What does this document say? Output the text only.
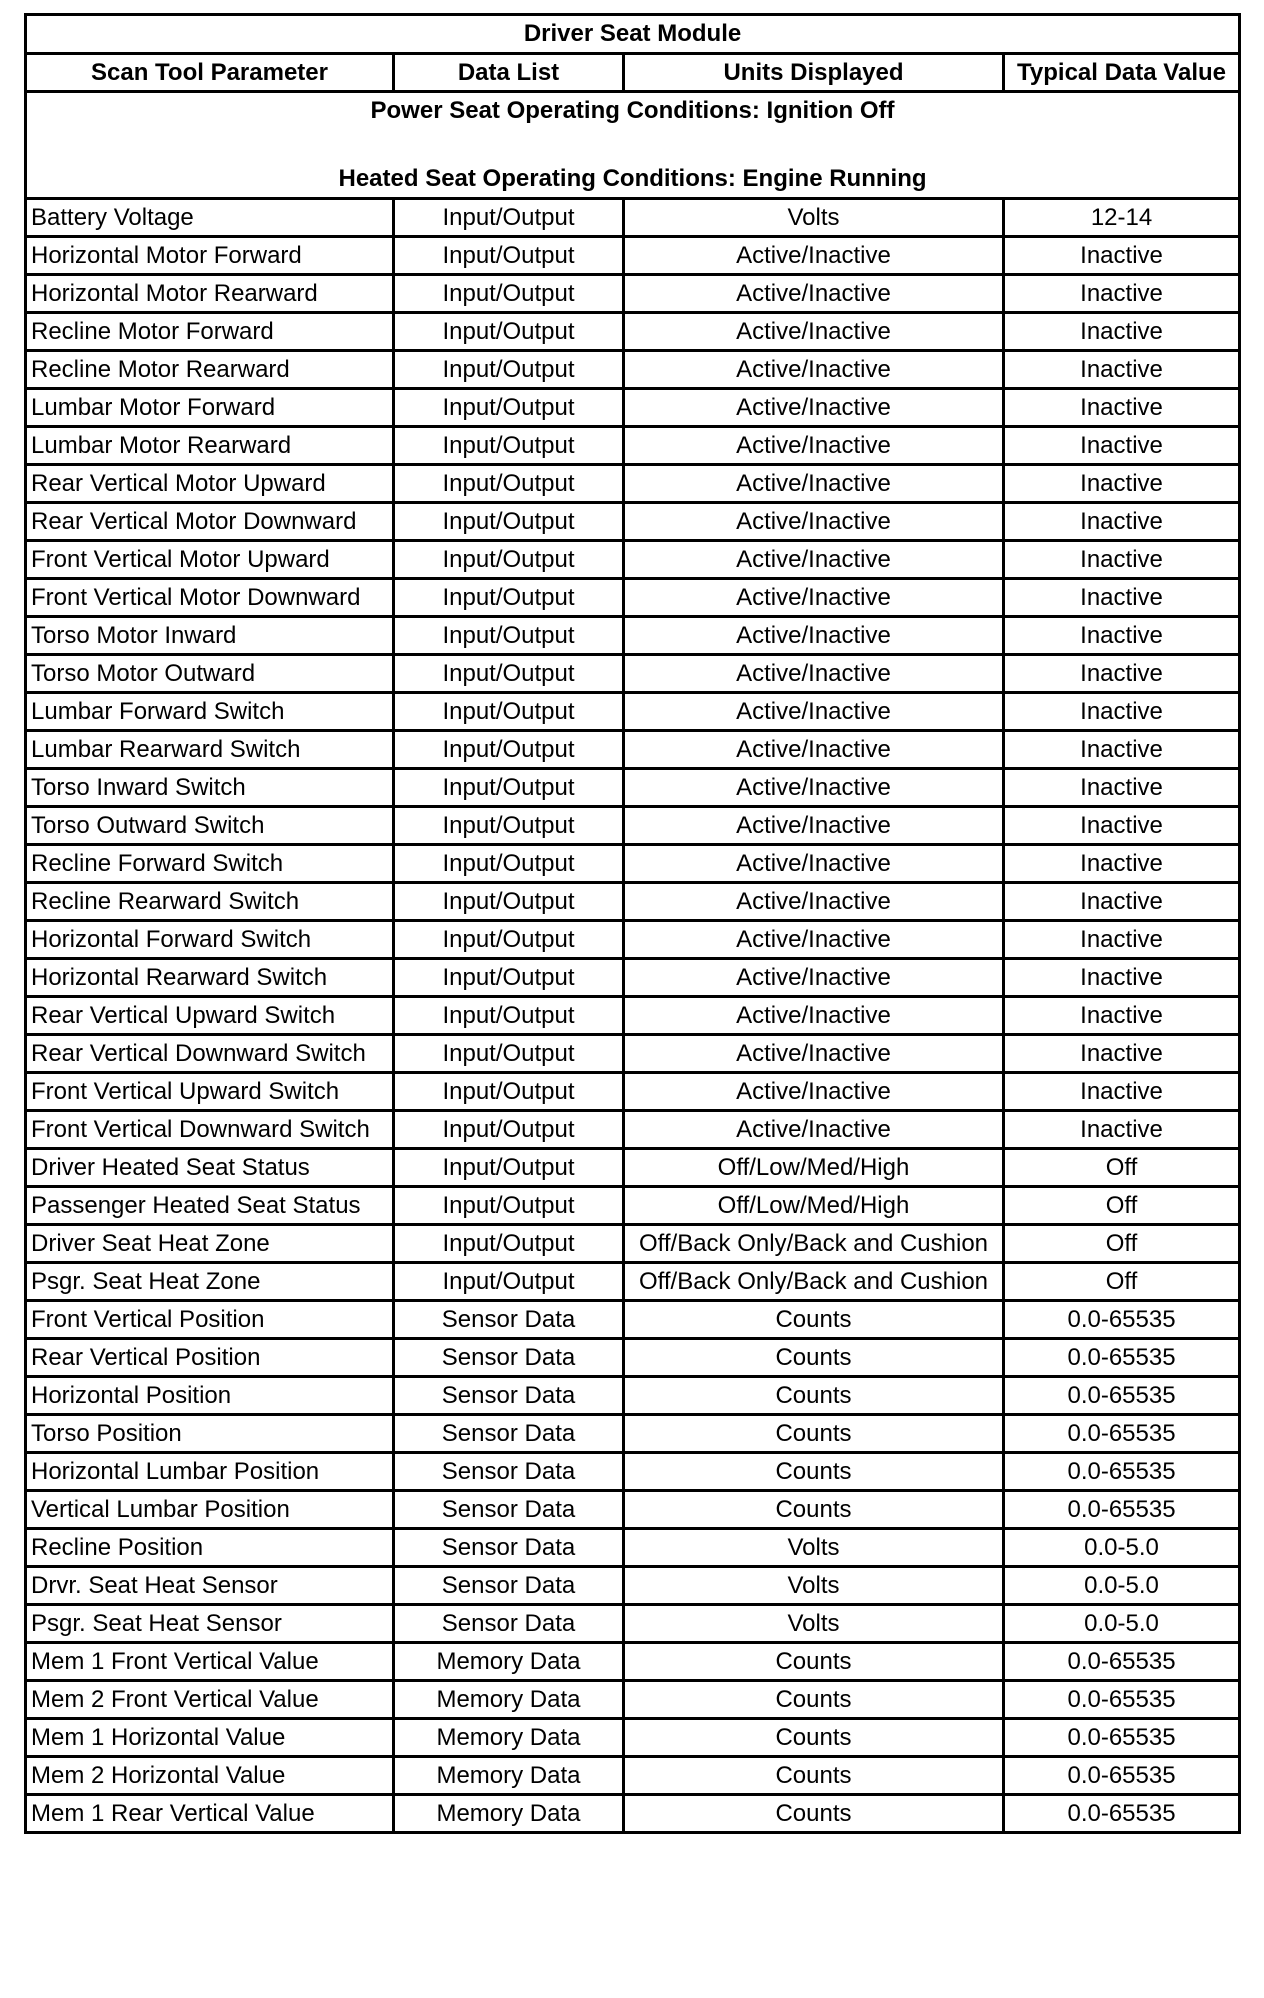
Driver Seat Module			
Scan Tool Parameter	Data List	Units Displayed	Typical Data Value

Power Seat Operating Conditions: Ignition Off
Heated Seat Operating Conditions: Engine Running			

Battery Voltage	Input/Output	Volts	12-14
Horizontal Motor Forward	Input/Output	Active/Inactive	Inactive
Horizontal Motor Rearward	Input/Output	Active/Inactive	Inactive
Recline Motor Forward	Input/Output	Active/Inactive	Inactive
Recline Motor Rearward	Input/Output	Active/Inactive	Inactive
Lumbar Motor Forward	Input/Output	Active/Inactive	Inactive
Lumbar Motor Rearward	Input/Output	Active/Inactive	Inactive
Rear Vertical Motor Upward	Input/Output	Active/Inactive	Inactive
Rear Vertical Motor Downward	Input/Output	Active/Inactive	Inactive
Front Vertical Motor Upward	Input/Output	Active/Inactive	Inactive
Front Vertical Motor Downward	Input/Output	Active/Inactive	Inactive
Torso Motor Inward	Input/Output	Active/Inactive	Inactive
Torso Motor Outward	Input/Output	Active/Inactive	Inactive
Lumbar Forward Switch	Input/Output	Active/Inactive	Inactive
Lumbar Rearward Switch	Input/Output	Active/Inactive	Inactive
Torso Inward Switch	Input/Output	Active/Inactive	Inactive
Torso Outward Switch	Input/Output	Active/Inactive	Inactive
Recline Forward Switch	Input/Output	Active/Inactive	Inactive
Recline Rearward Switch	Input/Output	Active/Inactive	Inactive
Horizontal Forward Switch	Input/Output	Active/Inactive	Inactive
Horizontal Rearward Switch	Input/Output	Active/Inactive	Inactive
Rear Vertical Upward Switch	Input/Output	Active/Inactive	Inactive
Rear Vertical Downward Switch	Input/Output	Active/Inactive	Inactive
Front Vertical Upward Switch	Input/Output	Active/Inactive	Inactive
Front Vertical Downward Switch	Input/Output	Active/Inactive	Inactive
Driver Heated Seat Status	Input/Output	Off/Low/Med/High	Off
Passenger Heated Seat Status	Input/Output	Off/Low/Med/High	Off
Driver Seat Heat Zone	Input/Output	Off/Back Only/Back and Cushion	Off
Psgr. Seat Heat Zone	Input/Output	Off/Back Only/Back and Cushion	Off
Front Vertical Position	Sensor Data	Counts	0.0-65535
Rear Vertical Position	Sensor Data	Counts	0.0-65535
Horizontal Position	Sensor Data	Counts	0.0-65535
Torso Position	Sensor Data	Counts	0.0-65535
Horizontal Lumbar Position	Sensor Data	Counts	0.0-65535
Vertical Lumbar Position	Sensor Data	Counts	0.0-65535
Recline Position	Sensor Data	Volts	0.0-5.0
Drvr. Seat Heat Sensor	Sensor Data	Volts	0.0-5.0
Psgr. Seat Heat Sensor	Sensor Data	Volts	0.0-5.0
Mem 1 Front Vertical Value	Memory Data	Counts	0.0-65535
Mem 2 Front Vertical Value	Memory Data	Counts	0.0-65535
Mem 1 Horizontal Value	Memory Data	Counts	0.0-65535
Mem 2 Horizontal Value	Memory Data	Counts	0.0-65535
Mem 1 Rear Vertical Value	Memory Data	Counts	0.0-65535
